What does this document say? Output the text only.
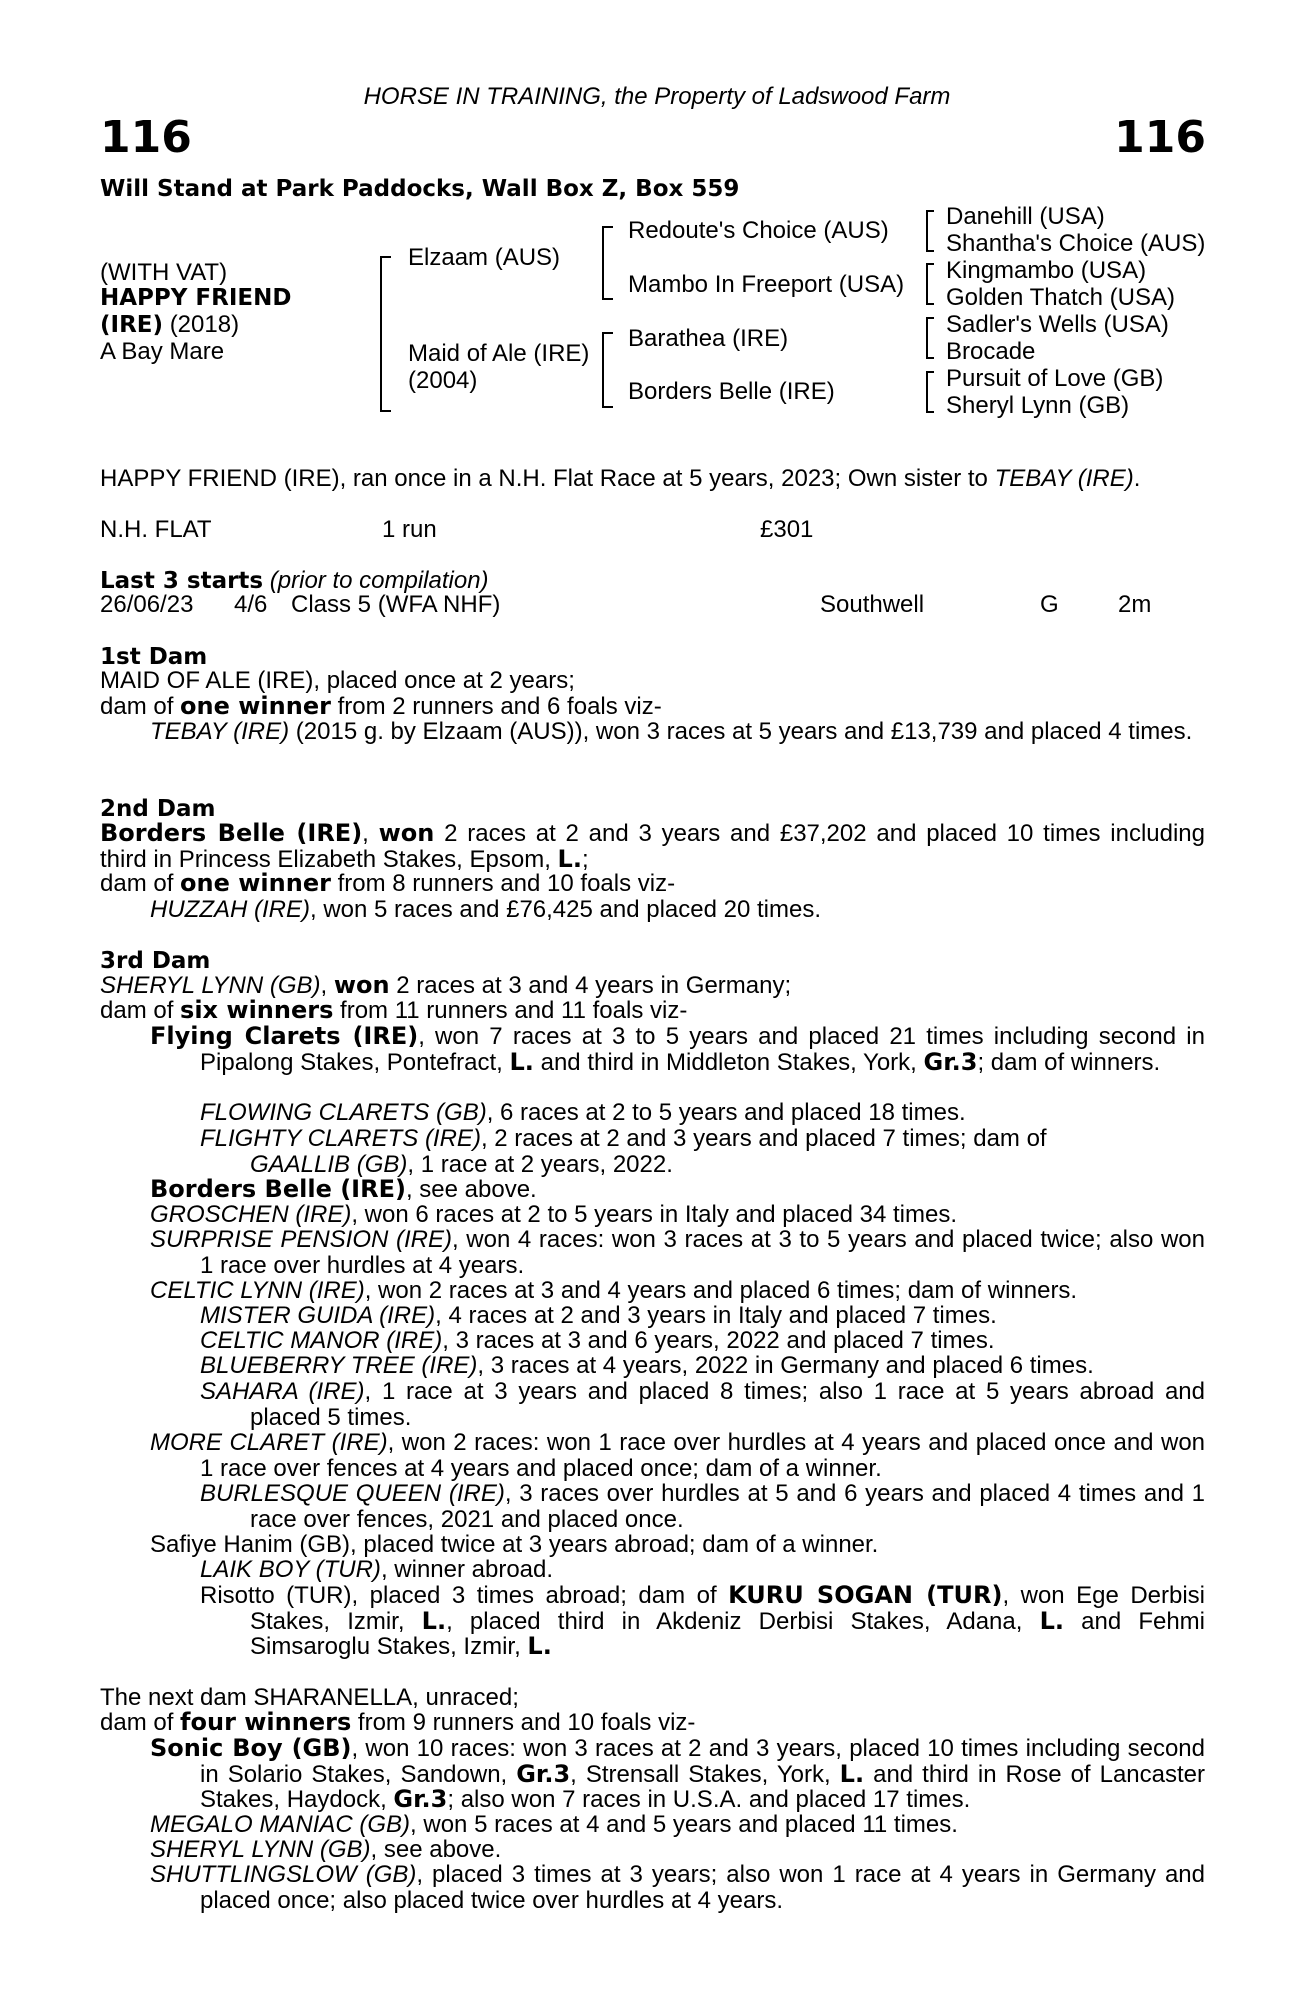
HORSE IN TRAINING, the Property of Ladswood Farm
116	116
Will Stand at Park Paddocks, Wall Box Z, Box 559
(WITH VAT)
HAPPY FRIEND
(IRE) (2018)
A Bay Mare
Elzaam (AUS)
Maid of Ale (IRE)
(2004)
Redoute's Choice (AUS)
Mambo In Freeport (USA)
Barathea (IRE)
Borders Belle (IRE)
Danehill (USA)
Shantha's Choice (AUS)
Kingmambo (USA)
Golden Thatch (USA)
Sadler's Wells (USA)
Brocade
Pursuit of Love (GB)
Sheryl Lynn (GB)
HAPPY FRIEND (IRE), ran once in a N.H. Flat Race at 5 years, 2023; Own sister to TEBAY (IRE).
N.H. FLAT	1 run	£301
Last 3 starts (prior to compilation)
26/06/23 4/6 Class 5 (WFA NHF)	Southwell	G 2m
1st Dam
MAID OF ALE (IRE), placed once at 2 years;
dam of one winner from 2 runners and 6 foals viz-
TEBAY (IRE) (2015 g. by Elzaam (AUS)), won 3 races at 5 years and £13,739 and placed 4 times.
2nd Dam
Borders Belle (IRE), won 2 races at 2 and 3 years and £37,202 and placed 10 times including third in Princess Elizabeth Stakes, Epsom, L.;
dam of one winner from 8 runners and 10 foals viz-
HUZZAH (IRE), won 5 races and £76,425 and placed 20 times.
3rd Dam
SHERYL LYNN (GB), won 2 races at 3 and 4 years in Germany;
dam of six winners from 11 runners and 11 foals viz-
Flying Clarets (IRE), won 7 races at 3 to 5 years and placed 21 times including second in Pipalong Stakes, Pontefract, L. and third in Middleton Stakes, York, Gr.3; dam of winners.
FLOWING CLARETS (GB), 6 races at 2 to 5 years and placed 18 times.
FLIGHTY CLARETS (IRE), 2 races at 2 and 3 years and placed 7 times; dam of
GAALLIB (GB), 1 race at 2 years, 2022.
Borders Belle (IRE), see above.
GROSCHEN (IRE), won 6 races at 2 to 5 years in Italy and placed 34 times.
SURPRISE PENSION (IRE), won 4 races: won 3 races at 3 to 5 years and placed twice; also won 1 race over hurdles at 4 years.
CELTIC LYNN (IRE), won 2 races at 3 and 4 years and placed 6 times; dam of winners.
MISTER GUIDA (IRE), 4 races at 2 and 3 years in Italy and placed 7 times.
CELTIC MANOR (IRE), 3 races at 3 and 6 years, 2022 and placed 7 times.
BLUEBERRY TREE (IRE), 3 races at 4 years, 2022 in Germany and placed 6 times.
SAHARA (IRE), 1 race at 3 years and placed 8 times; also 1 race at 5 years abroad and placed 5 times.
MORE CLARET (IRE), won 2 races: won 1 race over hurdles at 4 years and placed once and won 1 race over fences at 4 years and placed once; dam of a winner.
BURLESQUE QUEEN (IRE), 3 races over hurdles at 5 and 6 years and placed 4 times and 1 race over fences, 2021 and placed once.
Safiye Hanim (GB), placed twice at 3 years abroad; dam of a winner.
LAIK BOY (TUR), winner abroad.
Risotto (TUR), placed 3 times abroad; dam of KURU SOGAN (TUR), won Ege Derbisi Stakes, Izmir, L., placed third in Akdeniz Derbisi Stakes, Adana, L. and Fehmi Simsaroglu Stakes, Izmir, L.
The next dam SHARANELLA, unraced;
dam of four winners from 9 runners and 10 foals viz-
Sonic Boy (GB), won 10 races: won 3 races at 2 and 3 years, placed 10 times including second in Solario Stakes, Sandown, Gr.3, Strensall Stakes, York, L. and third in Rose of Lancaster Stakes, Haydock, Gr.3; also won 7 races in U.S.A. and placed 17 times.
MEGALO MANIAC (GB), won 5 races at 4 and 5 years and placed 11 times.
SHERYL LYNN (GB), see above.
SHUTTLINGSLOW (GB), placed 3 times at 3 years; also won 1 race at 4 years in Germany and placed once; also placed twice over hurdles at 4 years.
